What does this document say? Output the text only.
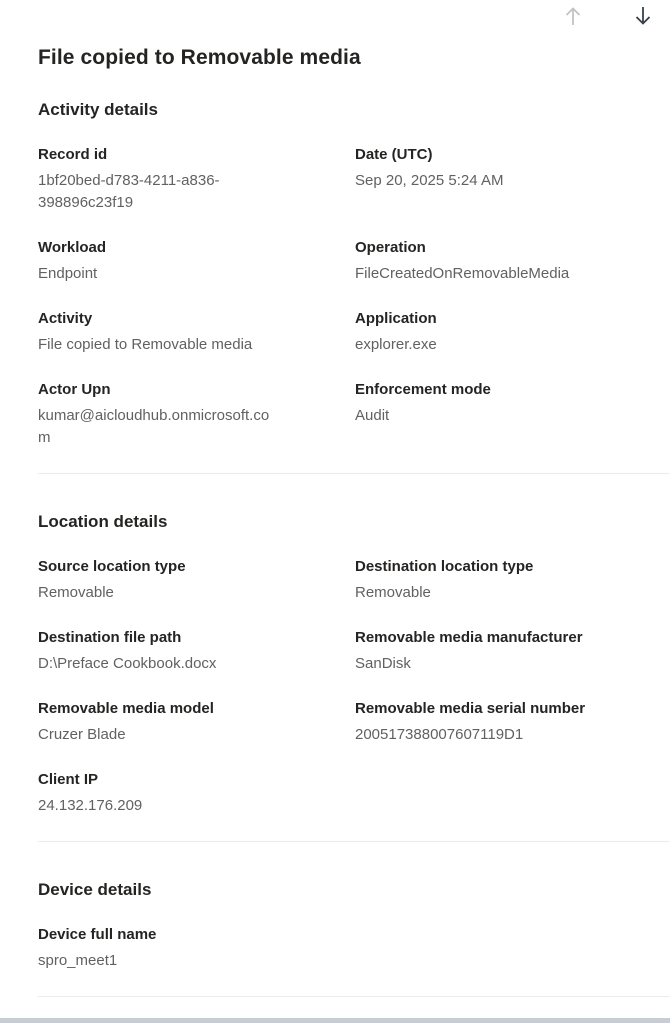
File copied to Removable media
Activity details
Record id
1bf20bed-d783-4211-a836-398896c23f19
Date (UTC)
Sep 20, 2025 5:24 AM
Workload
Endpoint
Operation
FileCreatedOnRemovableMedia
Activity
File copied to Removable media
Application
explorer.exe
Actor Upn
kumar@aicloudhub.onmicrosoft.com
Enforcement mode
Audit
Location details
Source location type
Removable
Destination location type
Removable
Destination file path
D:\Preface Cookbook.docx
Removable media manufacturer
SanDisk
Removable media model
Cruzer Blade
Removable media serial number
200517388007607119D1
Client IP
24.132.176.209
Device details
Device full name
spro_meet1
